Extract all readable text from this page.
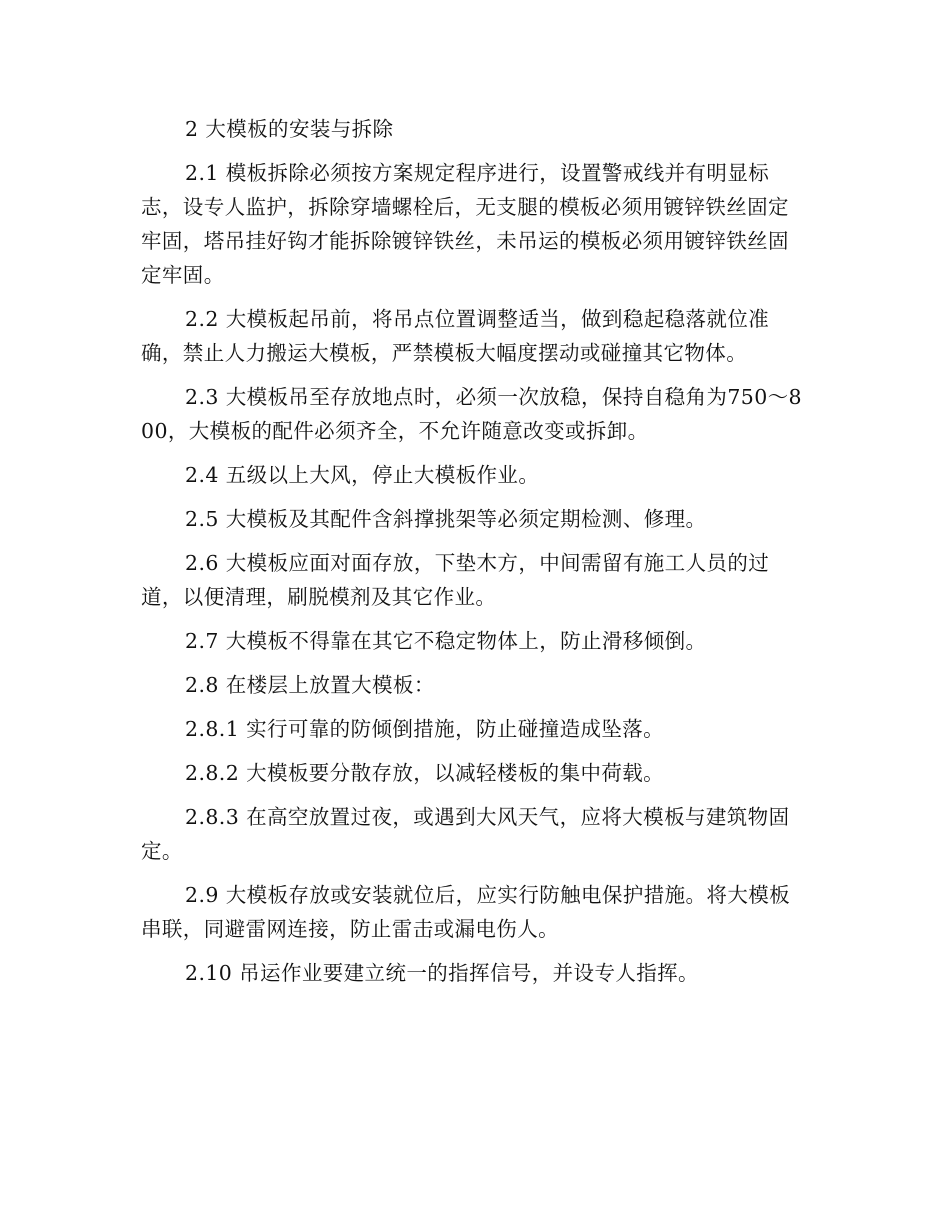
2 大模板的安装与拆除

2.1 模板拆除必须按方案规定程序进行，设置警戒线并有明显标志，设专人监护，拆除穿墙螺栓后，无支腿的模板必须用镀锌铁丝固定牢固，塔吊挂好钩才能拆除镀锌铁丝，未吊运的模板必须用镀锌铁丝固定牢固。

2.2 大模板起吊前，将吊点位置调整适当，做到稳起稳落就位准确，禁止人力搬运大模板，严禁模板大幅度摆动或碰撞其它物体。

2.3 大模板吊至存放地点时，必须一次放稳，保持自稳角为750～800，大模板的配件必须齐全，不允许随意改变或拆卸。

2.4 五级以上大风，停止大模板作业。

2.5 大模板及其配件含斜撑挑架等必须定期检测、修理。

2.6 大模板应面对面存放，下垫木方，中间需留有施工人员的过道，以便清理，刷脱模剂及其它作业。

2.7 大模板不得靠在其它不稳定物体上，防止滑移倾倒。

2.8 在楼层上放置大模板：

2.8.1 实行可靠的防倾倒措施，防止碰撞造成坠落。

2.8.2 大模板要分散存放，以减轻楼板的集中荷载。

2.8.3 在高空放置过夜，或遇到大风天气，应将大模板与建筑物固定。

2.9 大模板存放或安装就位后，应实行防触电保护措施。将大模板串联，同避雷网连接，防止雷击或漏电伤人。

2.10 吊运作业要建立统一的指挥信号，并设专人指挥。
